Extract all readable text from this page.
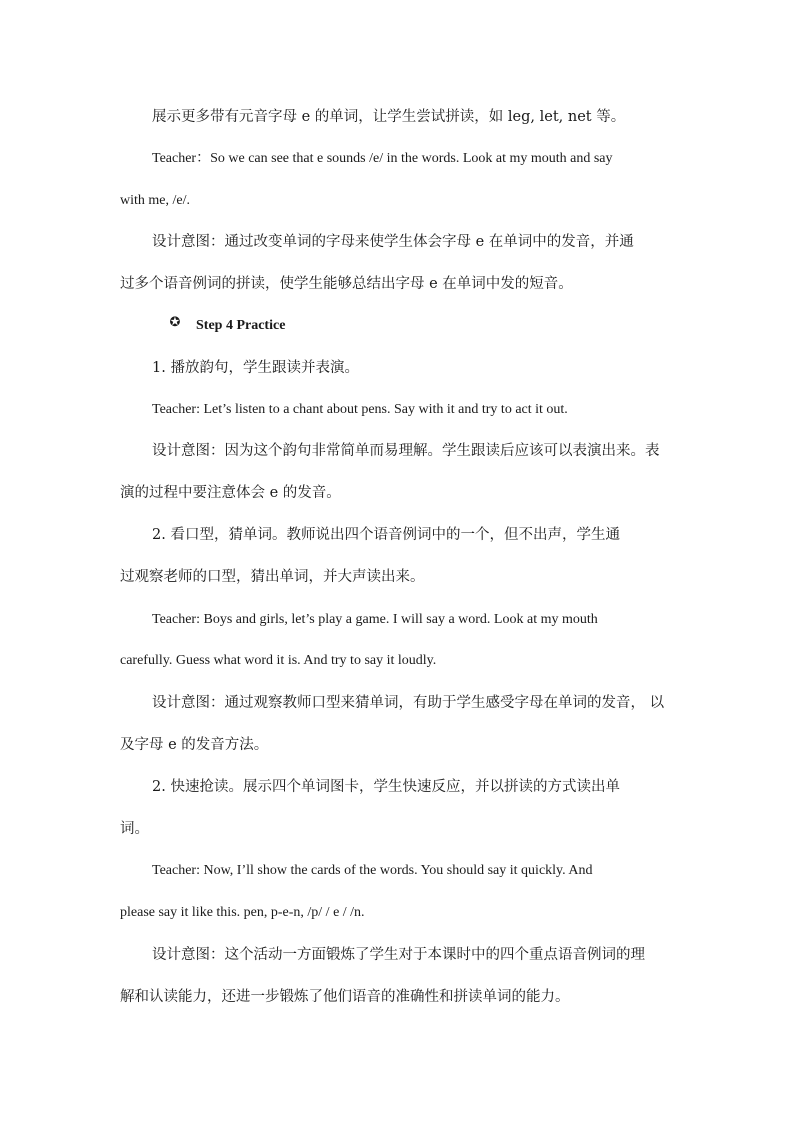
展示更多带有元音字母 e 的单词，让学生尝试拼读，如 leg, let, net 等。
Teacher：So we can see that e sounds /e/ in the words. Look at my mouth and say
with me, /e/.
设计意图：通过改变单词的字母来使学生体会字母 e 在单词中的发音，并通
过多个语音例词的拼读，使学生能够总结出字母 e 在单词中发的短音。
✪ Step 4 Practice
1. 播放韵句，学生跟读并表演。
Teacher: Let’s listen to a chant about pens. Say with it and try to act it out.
设计意图：因为这个韵句非常简单而易理解。学生跟读后应该可以表演出来。表
演的过程中要注意体会 e 的发音。
2. 看口型，猜单词。教师说出四个语音例词中的一个，但不出声，学生通
过观察老师的口型，猜出单词，并大声读出来。
Teacher: Boys and girls, let’s play a game. I will say a word. Look at my mouth
carefully. Guess what word it is. And try to say it loudly.
设计意图：通过观察教师口型来猜单词，有助于学生感受字母在单词的发音， 以
及字母 e 的发音方法。
2. 快速抢读。展示四个单词图卡，学生快速反应，并以拼读的方式读出单
词。
Teacher: Now, I’ll show the cards of the words. You should say it quickly. And
please say it like this. pen, p-e-n, /p/ / e / /n.
设计意图：这个活动一方面锻炼了学生对于本课时中的四个重点语音例词的理
解和认读能力，还进一步锻炼了他们语音的准确性和拼读单词的能力。
